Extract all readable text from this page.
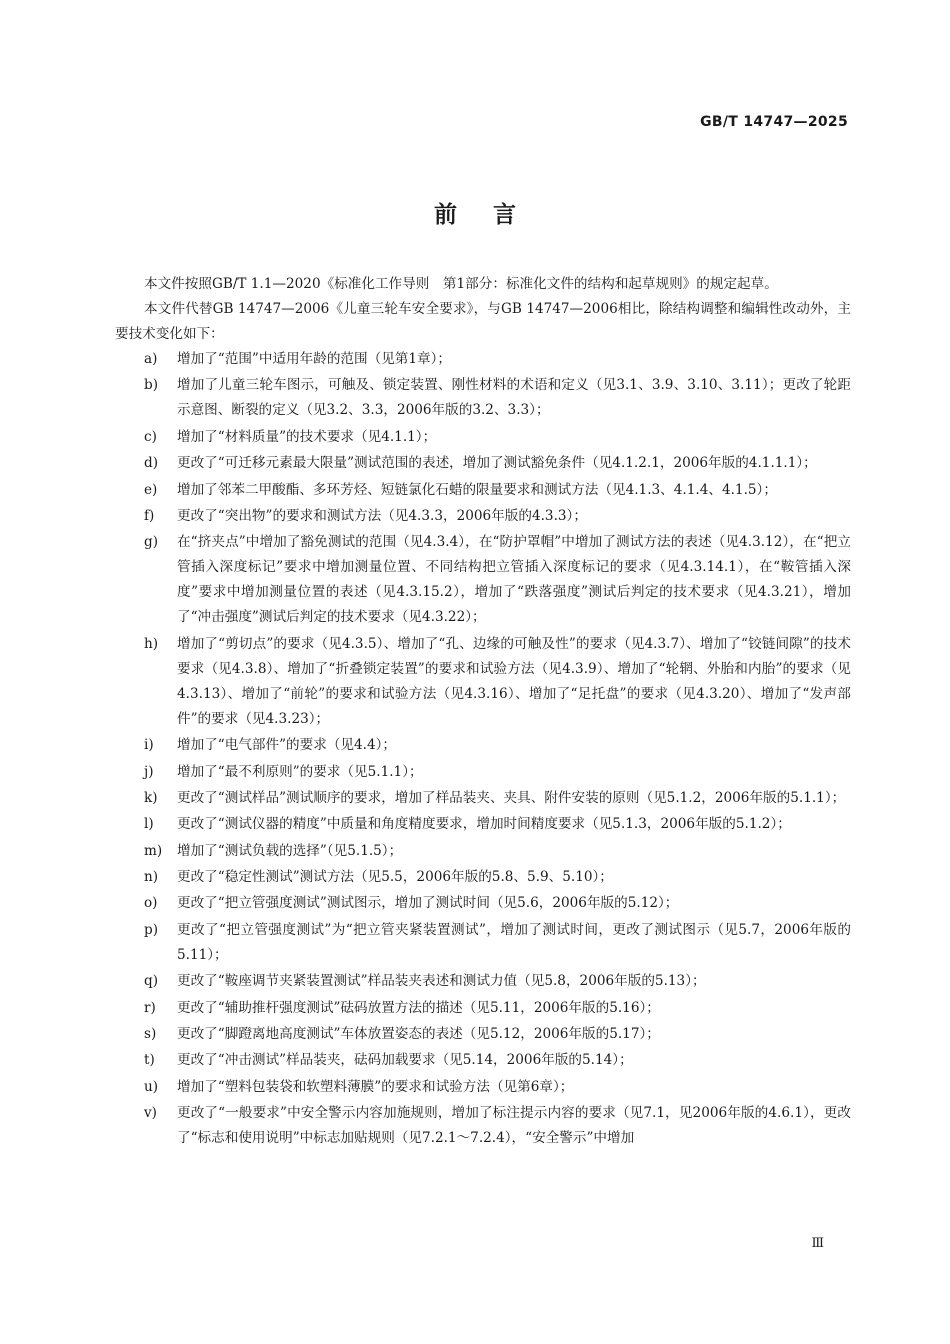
GB/T 14747—2025
前言

本文件按照GB/T 1.1—2020《标准化工作导则　第1部分：标准化文件的结构和起草规则》的规定起草。

本文件代替GB 14747—2006《儿童三轮车安全要求》，与GB 14747—2006相比，除结构调整和编辑性改动外，主要技术变化如下：

a)	增加了“范围”中适用年龄的范围（见第1章）；
b)	增加了儿童三轮车图示，可触及、锁定装置、刚性材料的术语和定义（见3.1、3.9、3.10、3.11）；更改了轮距示意图、断裂的定义（见3.2、3.3，2006年版的3.2、3.3）；
c)	增加了“材料质量”的技术要求（见4.1.1）；
d)	更改了“可迁移元素最大限量”测试范围的表述，增加了测试豁免条件（见4.1.2.1，2006年版的4.1.1.1）；
e)	增加了邻苯二甲酸酯、多环芳烃、短链氯化石蜡的限量要求和测试方法（见4.1.3、4.1.4、4.1.5）；
f)	更改了“突出物”的要求和测试方法（见4.3.3，2006年版的4.3.3）；
g)	在“挤夹点”中增加了豁免测试的范围（见4.3.4），在“防护罩帽”中增加了测试方法的表述（见4.3.12），在“把立管插入深度标记”要求中增加测量位置、不同结构把立管插入深度标记的要求（见4.3.14.1），在“鞍管插入深度”要求中增加测量位置的表述（见4.3.15.2），增加了“跌落强度”测试后判定的技术要求（见4.3.21），增加了“冲击强度”测试后判定的技术要求（见4.3.22）；
h)	增加了“剪切点”的要求（见4.3.5）、增加了“孔、边缘的可触及性”的要求（见4.3.7）、增加了“铰链间隙”的技术要求（见4.3.8）、增加了“折叠锁定装置”的要求和试验方法（见4.3.9）、增加了“轮辋、外胎和内胎”的要求（见4.3.13）、增加了“前轮”的要求和试验方法（见4.3.16）、增加了“足托盘”的要求（见4.3.20）、增加了“发声部件”的要求（见4.3.23）；
i)	增加了“电气部件”的要求（见4.4）；
j)	增加了“最不利原则”的要求（见5.1.1）；
k)	更改了“测试样品”测试顺序的要求，增加了样品装夹、夹具、附件安装的原则（见5.1.2，2006年版的5.1.1）；
l)	更改了“测试仪器的精度”中质量和角度精度要求，增加时间精度要求（见5.1.3，2006年版的5.1.2）；
m)	增加了“测试负载的选择”（见5.1.5）；
n)	更改了“稳定性测试”测试方法（见5.5，2006年版的5.8、5.9、5.10）；
o)	更改了“把立管强度测试”测试图示，增加了测试时间（见5.6，2006年版的5.12）；
p)	更改了“把立管强度测试”为“把立管夹紧装置测试”，增加了测试时间，更改了测试图示（见5.7，2006年版的5.11）；
q)	更改了“鞍座调节夹紧装置测试”样品装夹表述和测试力值（见5.8，2006年版的5.13）；
r)	更改了“辅助推杆强度测试”砝码放置方法的描述（见5.11，2006年版的5.16）；
s)	更改了“脚蹬离地高度测试”车体放置姿态的表述（见5.12，2006年版的5.17）；
t)	更改了“冲击测试”样品装夹，砝码加载要求（见5.14，2006年版的5.14）；
u)	增加了“塑料包装袋和软塑料薄膜”的要求和试验方法（见第6章）；
v)	更改了“一般要求”中安全警示内容加施规则，增加了标注提示内容的要求（见7.1，见2006年版的4.6.1），更改了“标志和使用说明”中标志加贴规则（见7.2.1～7.2.4），“安全警示”中增加
Ⅲ
